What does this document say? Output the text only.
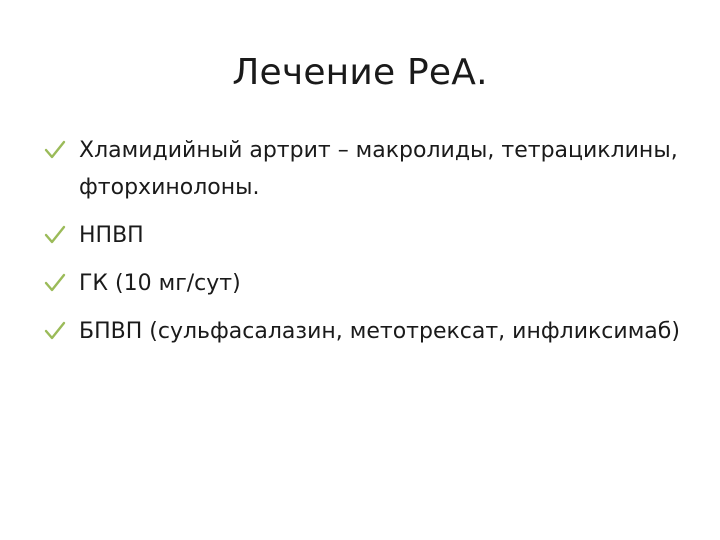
Лечение РеА.
Хламидийный артрит – макролиды, тетрациклины, фторхинолоны.
НПВП
ГК (10 мг/сут)
БПВП (сульфасалазин, метотрексат, инфликсимаб)
